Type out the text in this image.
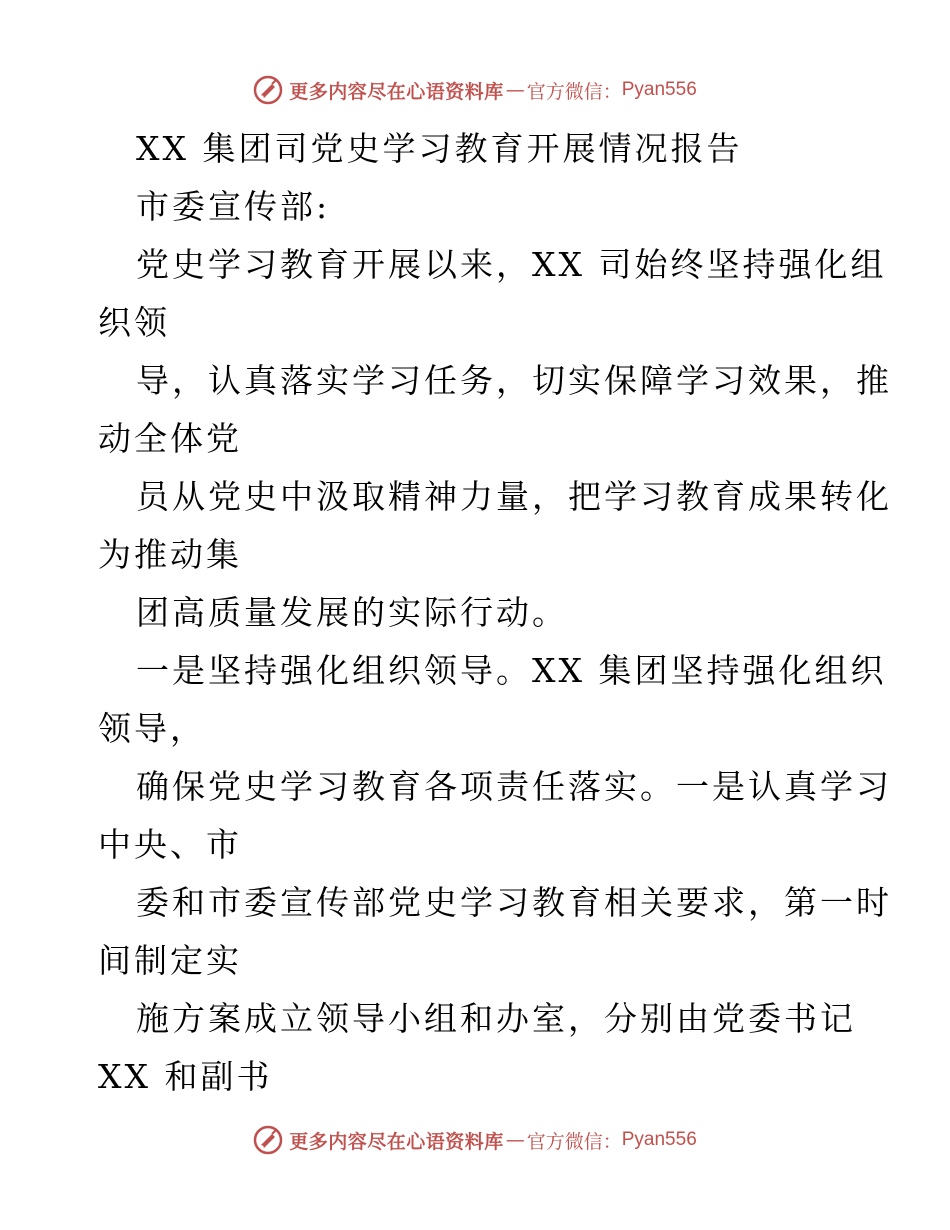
更多内容尽在心语资料库 — 官方微信： Pyan556
XX 集团司党史学习教育开展情况报告
市委宣传部:
党史学习教育开展以来，XX 司始终坚持强化组
织领
导，认真落实学习任务，切实保障学习效果，推
动全体党
员从党史中汲取精神力量，把学习教育成果转化
为推动集
团高质量发展的实际行动。
一是坚持强化组织领导。XX 集团坚持强化组织
领导，
确保党史学习教育各项责任落实。一是认真学习
中央、市
委和市委宣传部党史学习教育相关要求，第一时
间制定实
施方案成立领导小组和办室，分别由党委书记
XX 和副书
更多内容尽在心语资料库 — 官方微信： Pyan556
